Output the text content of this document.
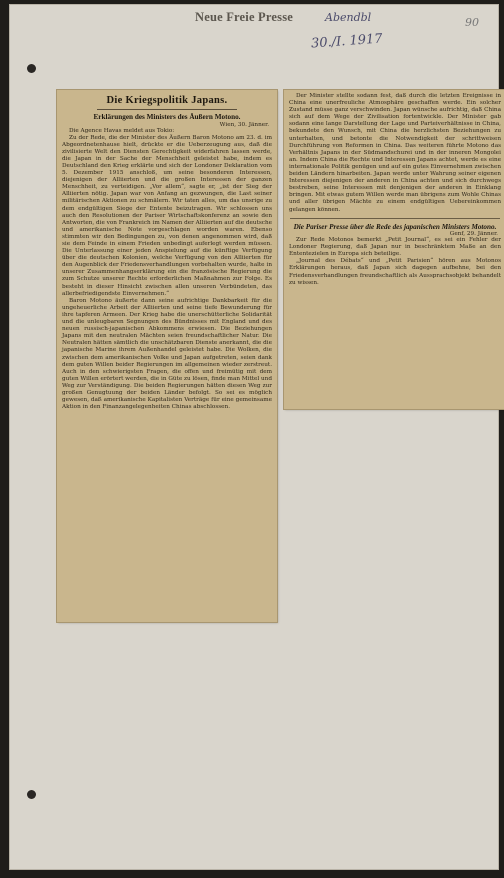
Neue Freie Presse	Abendbl
30./I. 1917
90
Die Kriegspolitik Japans.
Erklärungen des Ministers des Äußern Motono.
Wien, 30. Jänner.

Die Agence Havas meldet aus Tokio:

Zu der Rede, die der Minister des Äußern Baron Motono am 23. d. im Abgeordnetenhause hielt, drückte er die Ueberzeugung aus, daß die zivilisierte Welt den Diensten Gerechtigkeit widerfahren lassen werde, die Japan in der Sache der Menschheit geleistet habe, indem es Deutschland den Krieg erklärte und sich der Londoner Deklaration vom 5. Dezember 1915 anschloß, um seine besonderen Interessen, diejenigen der Alliierten und die großen Interessen der ganzen Menschheit, zu verteidigen. „Vor allem“, sagte er, „ist der Sieg der Alliierten nötig. Japan war von Anfang an gezwungen, die Last seiner militärischen Aktionen zu schmälern. Wir taten alles, um das unsrige zu dem endgültigen Siege der Entente beizutragen. Wir schlossen uns auch den Resolutionen der Pariser Wirtschaftskonferenz an sowie den Antworten, die von Frankreich im Namen der Alliierten auf die deutsche und amerikanische Note vorgeschlagen worden waren. Ebenso stimmten wir den Bedingungen zu, von denen angenommen wird, daß sie dem Feinde in einem Frieden unbedingt auferlegt werden müssen. Die Unterlassung einer jeden Anspielung auf die künftige Verfügung über die deutschen Kolonien, welche Verfügung von den Alliierten für den Augenblick der Friedensverhandlungen vorbehalten wurde, halte in unserer Zusammenhangserklärung ein die französische Regierung die zum Schutze unserer Rechte erforderlichen Maßnahmen zur Folge. Es besteht in dieser Hinsicht zwischen allen unseren Verbündeten, das allerbefriedigendste Einvernehmen.“

Baron Motono äußerte dann seine aufrichtige Dankbarkeit für die ungeheuerliche Arbeit der Alliierten und seine tiefe Bewunderung für ihre tapferen Armeen. Der Krieg habe die unerschütterliche Solidarität und die unleugbaren Segnungen des Bündnisses mit England und des neuen russisch-japanischen Abkommens erwiesen. Die Beziehungen Japans mit den neutralen Mächten seien freundschaftlicher Natur. Die Neutralen hätten sämtlich die unschätzbaren Dienste anerkannt, die die japanische Marine ihrem Außenhandel geleistet habe. Die Wolken, die zwischen dem amerikanischen Volke und Japan aufgetreten, seien dank dem guten Willen beider Regierungen im allgemeinen wieder zerstreut. Auch in den schwierigsten Fragen, die offen und freimütig mit dem guten Willen erörtert werden, die in Güte zu lösen, finde man Mittel und Weg zur Verständigung. Die beiden Regierungen hätten diesen Weg zur großen Genugtuung der beiden Länder befolgt. So sei es möglich gewesen, daß amerikanische Kapitalisten Verträge für eine gemeinsame Aktion in den Finanzangelegenheiten Chinas abschlossen.

Der Minister stellte sodann fest, daß durch die letzten Ereignisse in China eine unerfreuliche Atmosphäre geschaffen werde. Ein solcher Zustand müsse ganz verschwinden. Japan wünsche aufrichtig, daß China sich auf dem Wege der Zivilisation fortentwickle. Der Minister gab sodann eine lange Darstellung der Lage und Parteiverhältnisse in China, bekundete den Wunsch, mit China die herzlichsten Beziehungen zu unterhalten, und betonte die Notwendigkeit der schrittweisen Durchführung von Reformen in China. Das weiteren führte Motono das Verhältnis Japans in der Südmandschurei und in der inneren Mongolei an. Indem China die Rechte und Interessen Japans achtet, werde es eine internationale Politik genügen und auf ein gutes Einvernehmen zwischen beiden Ländern hinarbeiten. Japan werde unter Wahrung seiner eigenen Interessen diejenigen der anderen in China achten und sich durchwegs bestreben, seine Interessen mit denjenigen der anderen in Einklang bringen. Mit etwas gutem Willen werde man übrigens zum Wohle Chinas und aller übrigen Mächte zu einem endgültigen Uebereinkommen gelangen können.

Die Pariser Presse über die Rede des japanischen Ministers Motono.
Genf, 29. Jänner.

Zur Rede Motonos bemerkt „Petit Journal“, es sei ein Fehler der Londoner Regierung, daß Japan nur in beschränktem Maße an den Ententezielen in Europa sich beteilige.

„Journal des Débats“ und „Petit Parisien“ hören aus Motonos Erklärungen heraus, daß Japan sich dagegen aufbehne, bei den Friedensverhandlungen freundschaftlich als Aussprachsobjekt behandelt zu wissen.
